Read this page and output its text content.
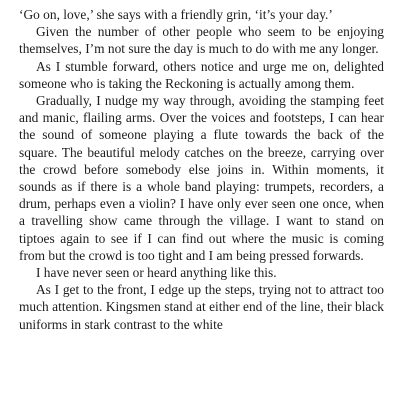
‘Go on, love,’ she says with a friendly grin, ‘it’s your day.’

Given the number of other people who seem to be enjoying themselves, I’m not sure the day is much to do with me any longer.

As I stumble forward, others notice and urge me on, delighted someone who is taking the Reckoning is actually among them.

Gradually, I nudge my way through, avoiding the stamping feet and manic, flailing arms. Over the voices and footsteps, I can hear the sound of someone playing a flute towards the back of the square. The beautiful melody catches on the breeze, carrying over the crowd before somebody else joins in. Within moments, it sounds as if there is a whole band playing: trumpets, recorders, a drum, perhaps even a violin? I have only ever seen one once, when a travelling show came through the village. I want to stand on tiptoes again to see if I can find out where the music is coming from but the crowd is too tight and I am being pressed forwards.

I have never seen or heard anything like this.

As I get to the front, I edge up the steps, trying not to attract too much attention. Kingsmen stand at either end of the line, their black uniforms in stark contrast to the white
